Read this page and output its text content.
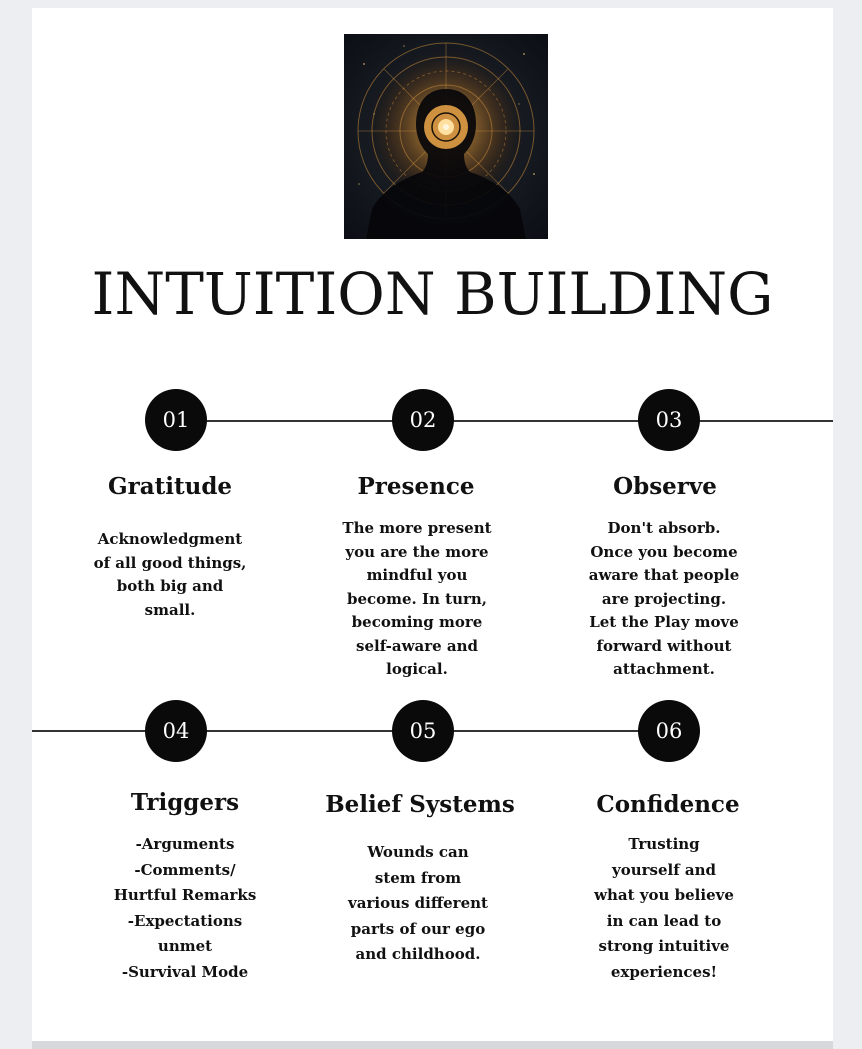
INTUITION BUILDING
01	02	03
Gratitude	Presence	Observe
Acknowledgment
of all good things,
both big and
small.
The more present
you are the more
mindful you
become. In turn,
becoming more
self-aware and
logical.
Don't absorb.
Once you become
aware that people
are projecting.
Let the Play move
forward without
attachment.
04	05	06
Triggers	Belief Systems	Confidence
-Arguments
-Comments/
Hurtful Remarks
-Expectations
unmet
-Survival Mode
Wounds can
stem from
various different
parts of our ego
and childhood.
Trusting
yourself and
what you believe
in can lead to
strong intuitive
experiences!
